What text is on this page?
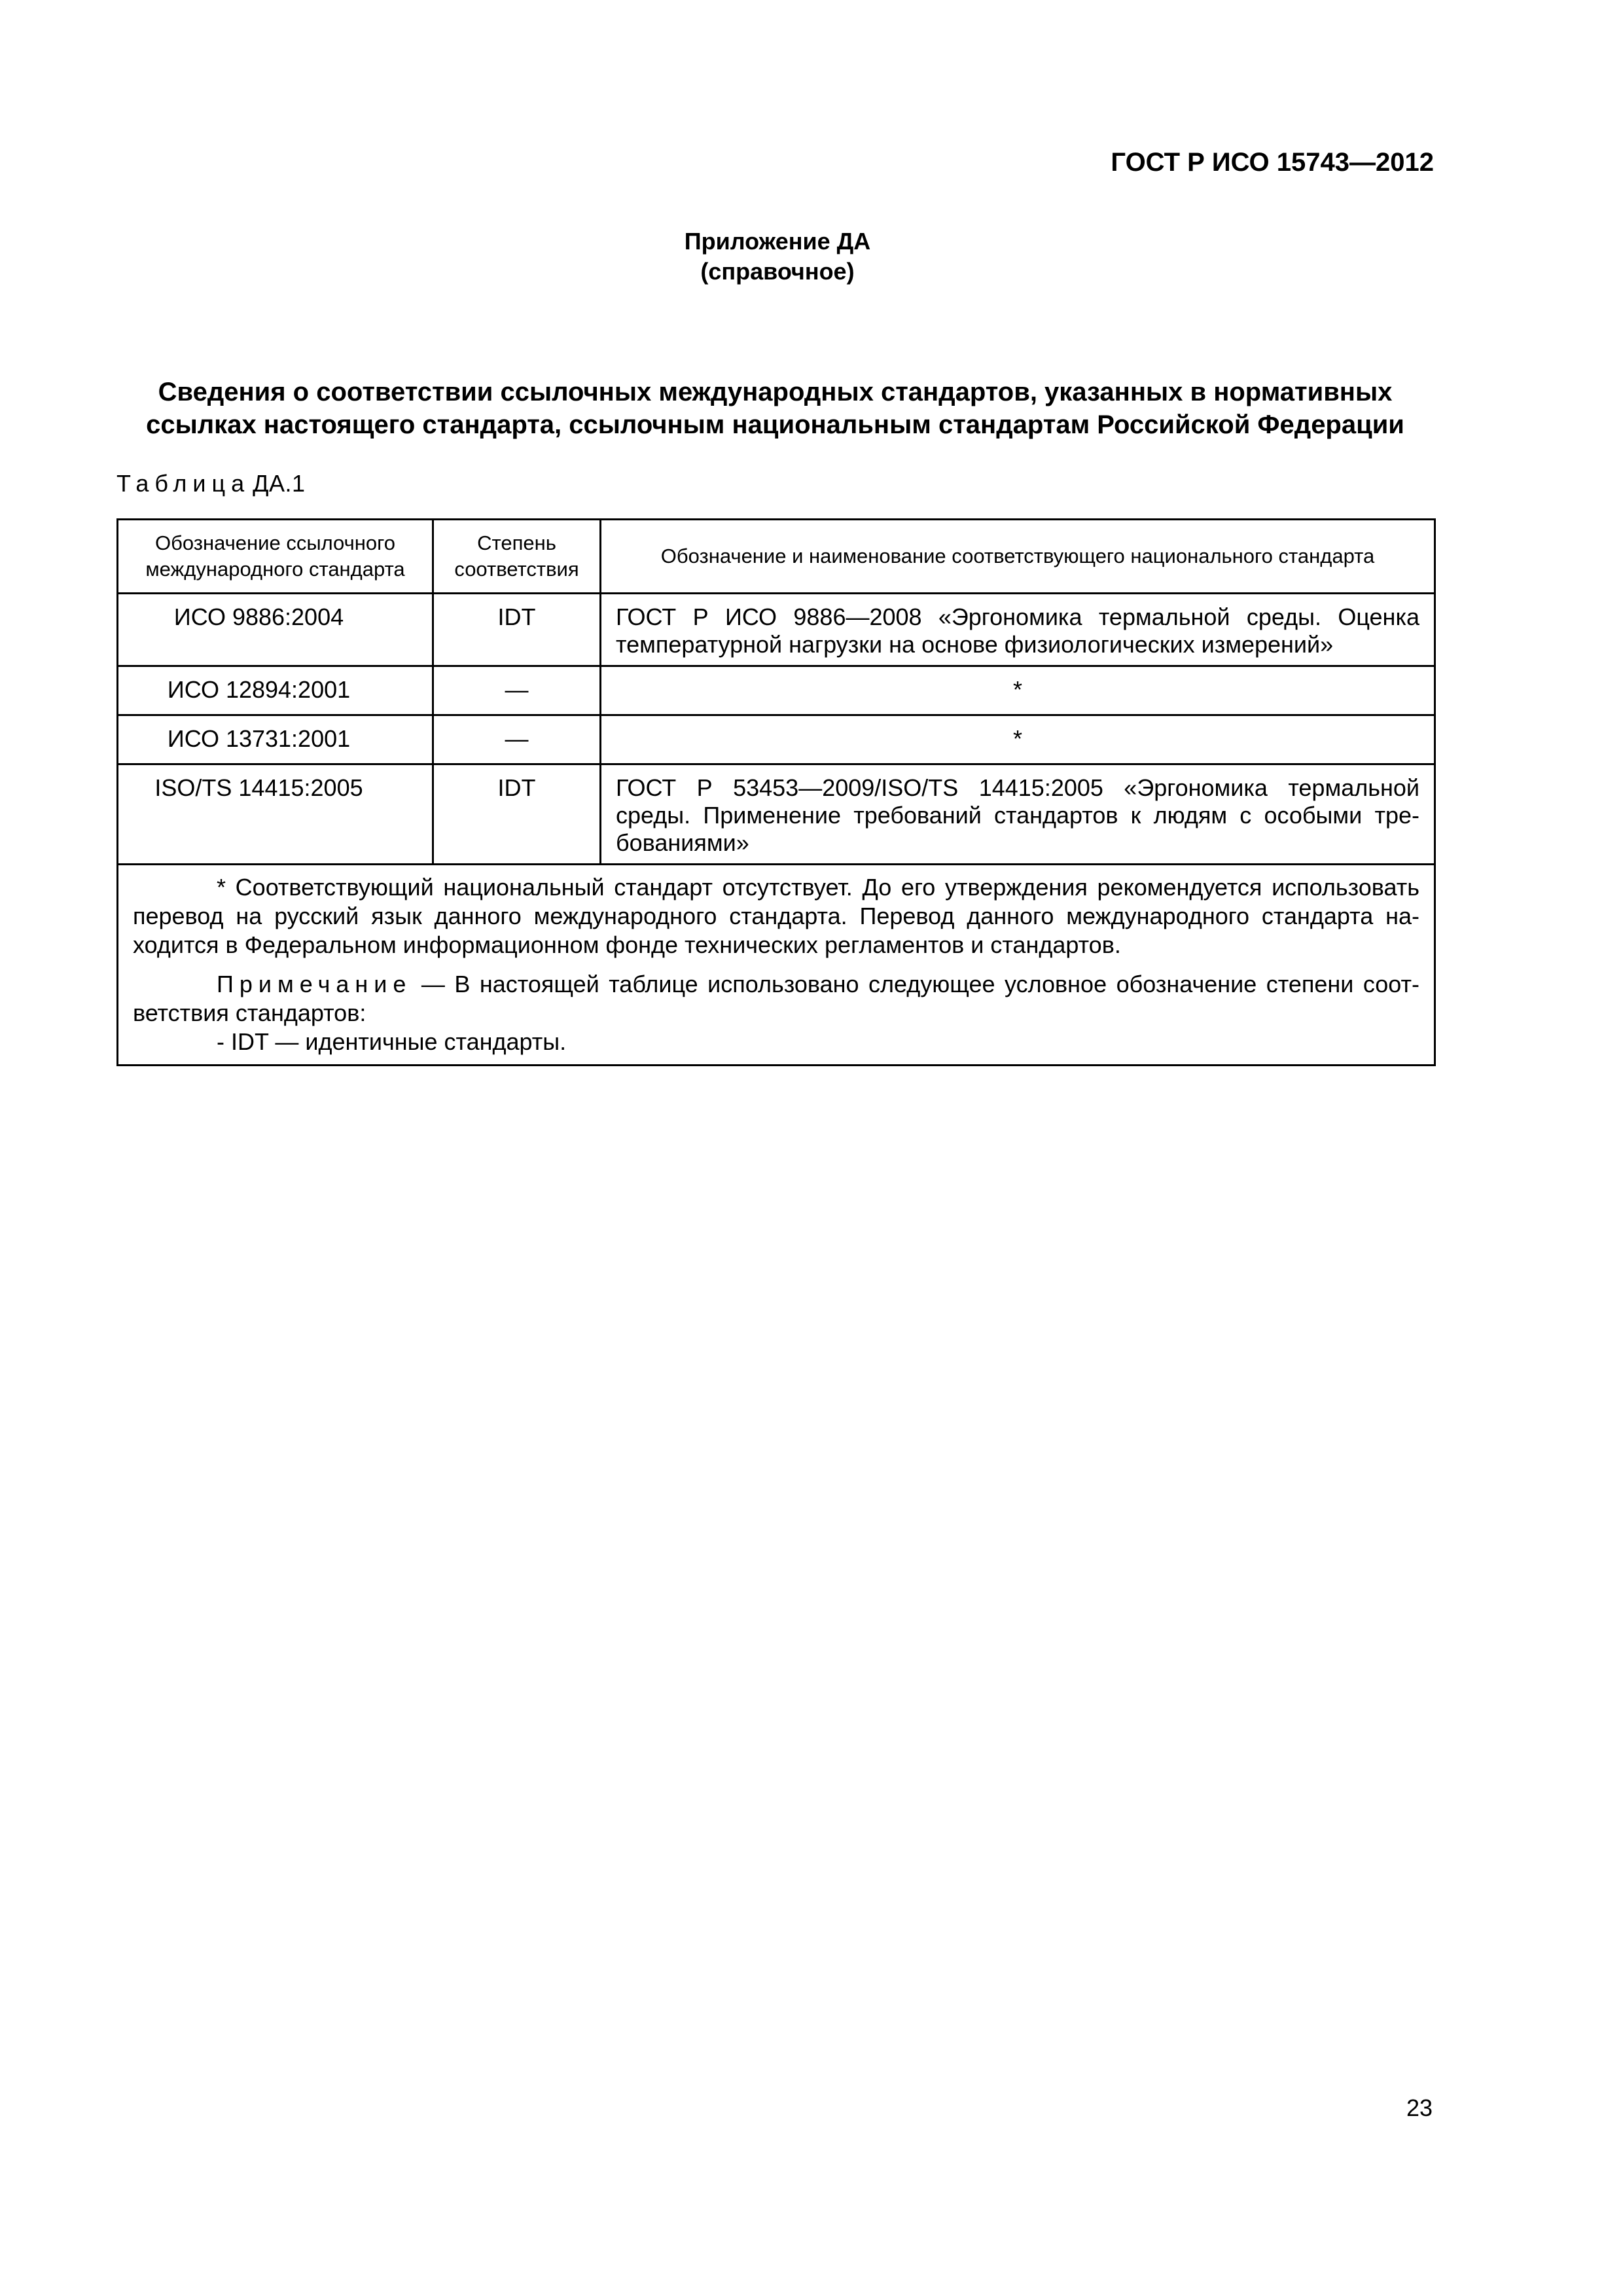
ГОСТ Р ИСО 15743—2012
Приложение ДА
(справочное)
Сведения о соответствии ссылочных международных стандартов, указанных в нормативных
ссылках настоящего стандарта, ссылочным национальным стандартам Российской Федерации
Таблица ДА.1
Обозначение ссылочного международного стандарта	Степень соответствия	Обозначение и наименование соответствующего национального стандарта
ИСО 9886:2004	IDT	ГОСТ Р ИСО 9886—2008 «Эргономика термальной среды. Оценка температурной нагрузки на основе физиологических измерений»
ИСО 12894:2001	—	*
ИСО 13731:2001	—	*
ISO/TS 14415:2005	IDT	ГОСТ Р 53453—2009/ISO/TS 14415:2005 «Эргономика термальной среды. Применение требований стандартов к людям с особыми тре-бованиями»

* Соответствующий национальный стандарт отсутствует. До его утверждения рекомендуется использовать перевод на русский язык данного международного стандарта. Перевод данного международного стандарта на-ходится в Федеральном информационном фонде технических регламентов и стандартов.

Примечание — В настоящей таблице использовано следующее условное обозначение степени соот-ветствия стандартов:

- IDT — идентичные стандарты.		

23
